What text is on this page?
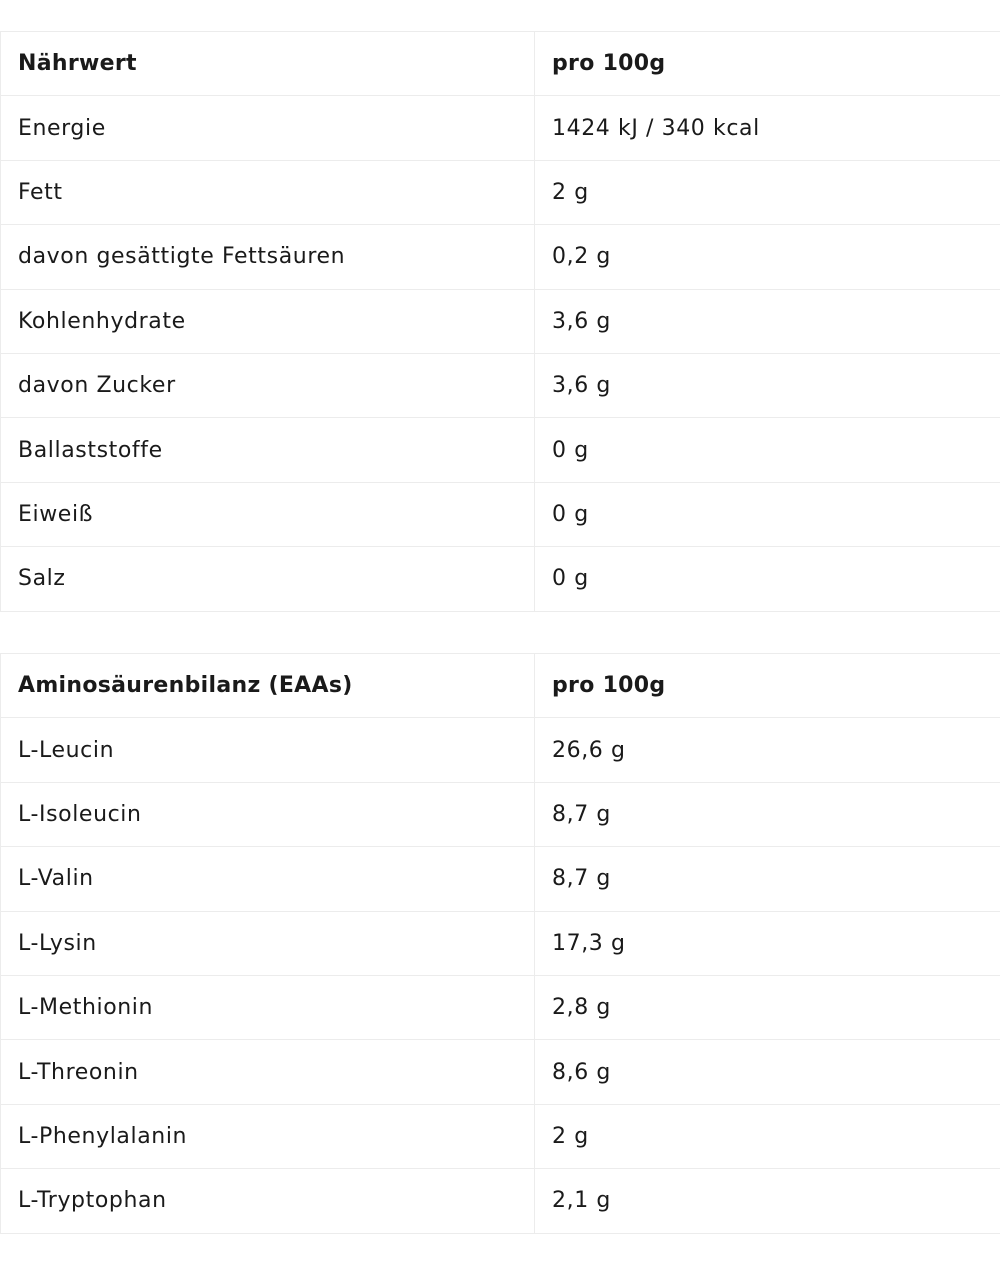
Nährwert	pro 100g
Energie	1424 kJ / 340 kcal
Fett	2 g
davon gesättigte Fettsäuren	0,2 g
Kohlenhydrate	3,6 g
davon Zucker	3,6 g
Ballaststoffe	0 g
Eiweiß	0 g
Salz	0 g
Aminosäurenbilanz (EAAs)	pro 100g
L-Leucin	26,6 g
L-Isoleucin	8,7 g
L-Valin	8,7 g
L-Lysin	17,3 g
L-Methionin	2,8 g
L-Threonin	8,6 g
L-Phenylalanin	2 g
L-Tryptophan	2,1 g
